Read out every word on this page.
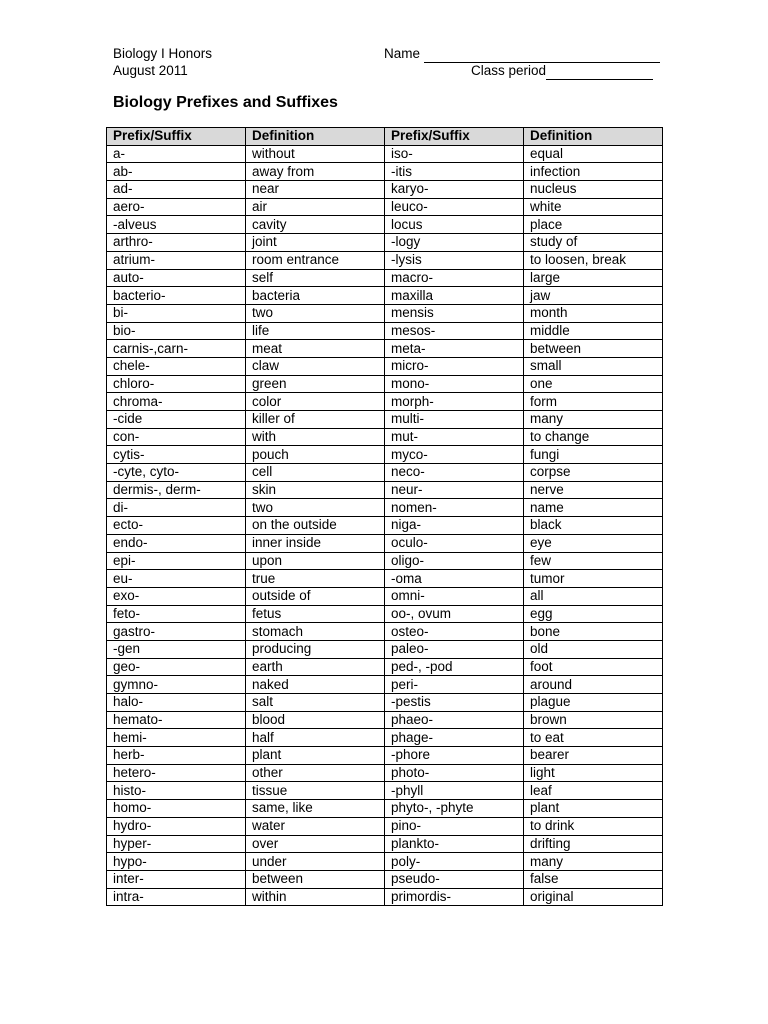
Biology I Honors
August 2011
Name
Class period
Biology Prefixes and Suffixes
Prefix/Suffix	Definition	Prefix/Suffix	Definition
a-	without	iso-	equal
ab-	away from	-itis	infection
ad-	near	karyo-	nucleus
aero-	air	leuco-	white
-alveus	cavity	locus	place
arthro-	joint	-logy	study of
atrium-	room entrance	-lysis	to loosen, break
auto-	self	macro-	large
bacterio-	bacteria	maxilla	jaw
bi-	two	mensis	month
bio-	life	mesos-	middle
carnis-,carn-	meat	meta-	between
chele-	claw	micro-	small
chloro-	green	mono-	one
chroma-	color	morph-	form
-cide	killer of	multi-	many
con-	with	mut-	to change
cytis-	pouch	myco-	fungi
-cyte, cyto-	cell	neco-	corpse
dermis-, derm-	skin	neur-	nerve
di-	two	nomen-	name
ecto-	on the outside	niga-	black
endo-	inner inside	oculo-	eye
epi-	upon	oligo-	few
eu-	true	-oma	tumor
exo-	outside of	omni-	all
feto-	fetus	oo-, ovum	egg
gastro-	stomach	osteo-	bone
-gen	producing	paleo-	old
geo-	earth	ped-, -pod	foot
gymno-	naked	peri-	around
halo-	salt	-pestis	plague
hemato-	blood	phaeo-	brown
hemi-	half	phage-	to eat
herb-	plant	-phore	bearer
hetero-	other	photo-	light
histo-	tissue	-phyll	leaf
homo-	same, like	phyto-, -phyte	plant
hydro-	water	pino-	to drink
hyper-	over	plankto-	drifting
hypo-	under	poly-	many
inter-	between	pseudo-	false
intra-	within	primordis-	original
